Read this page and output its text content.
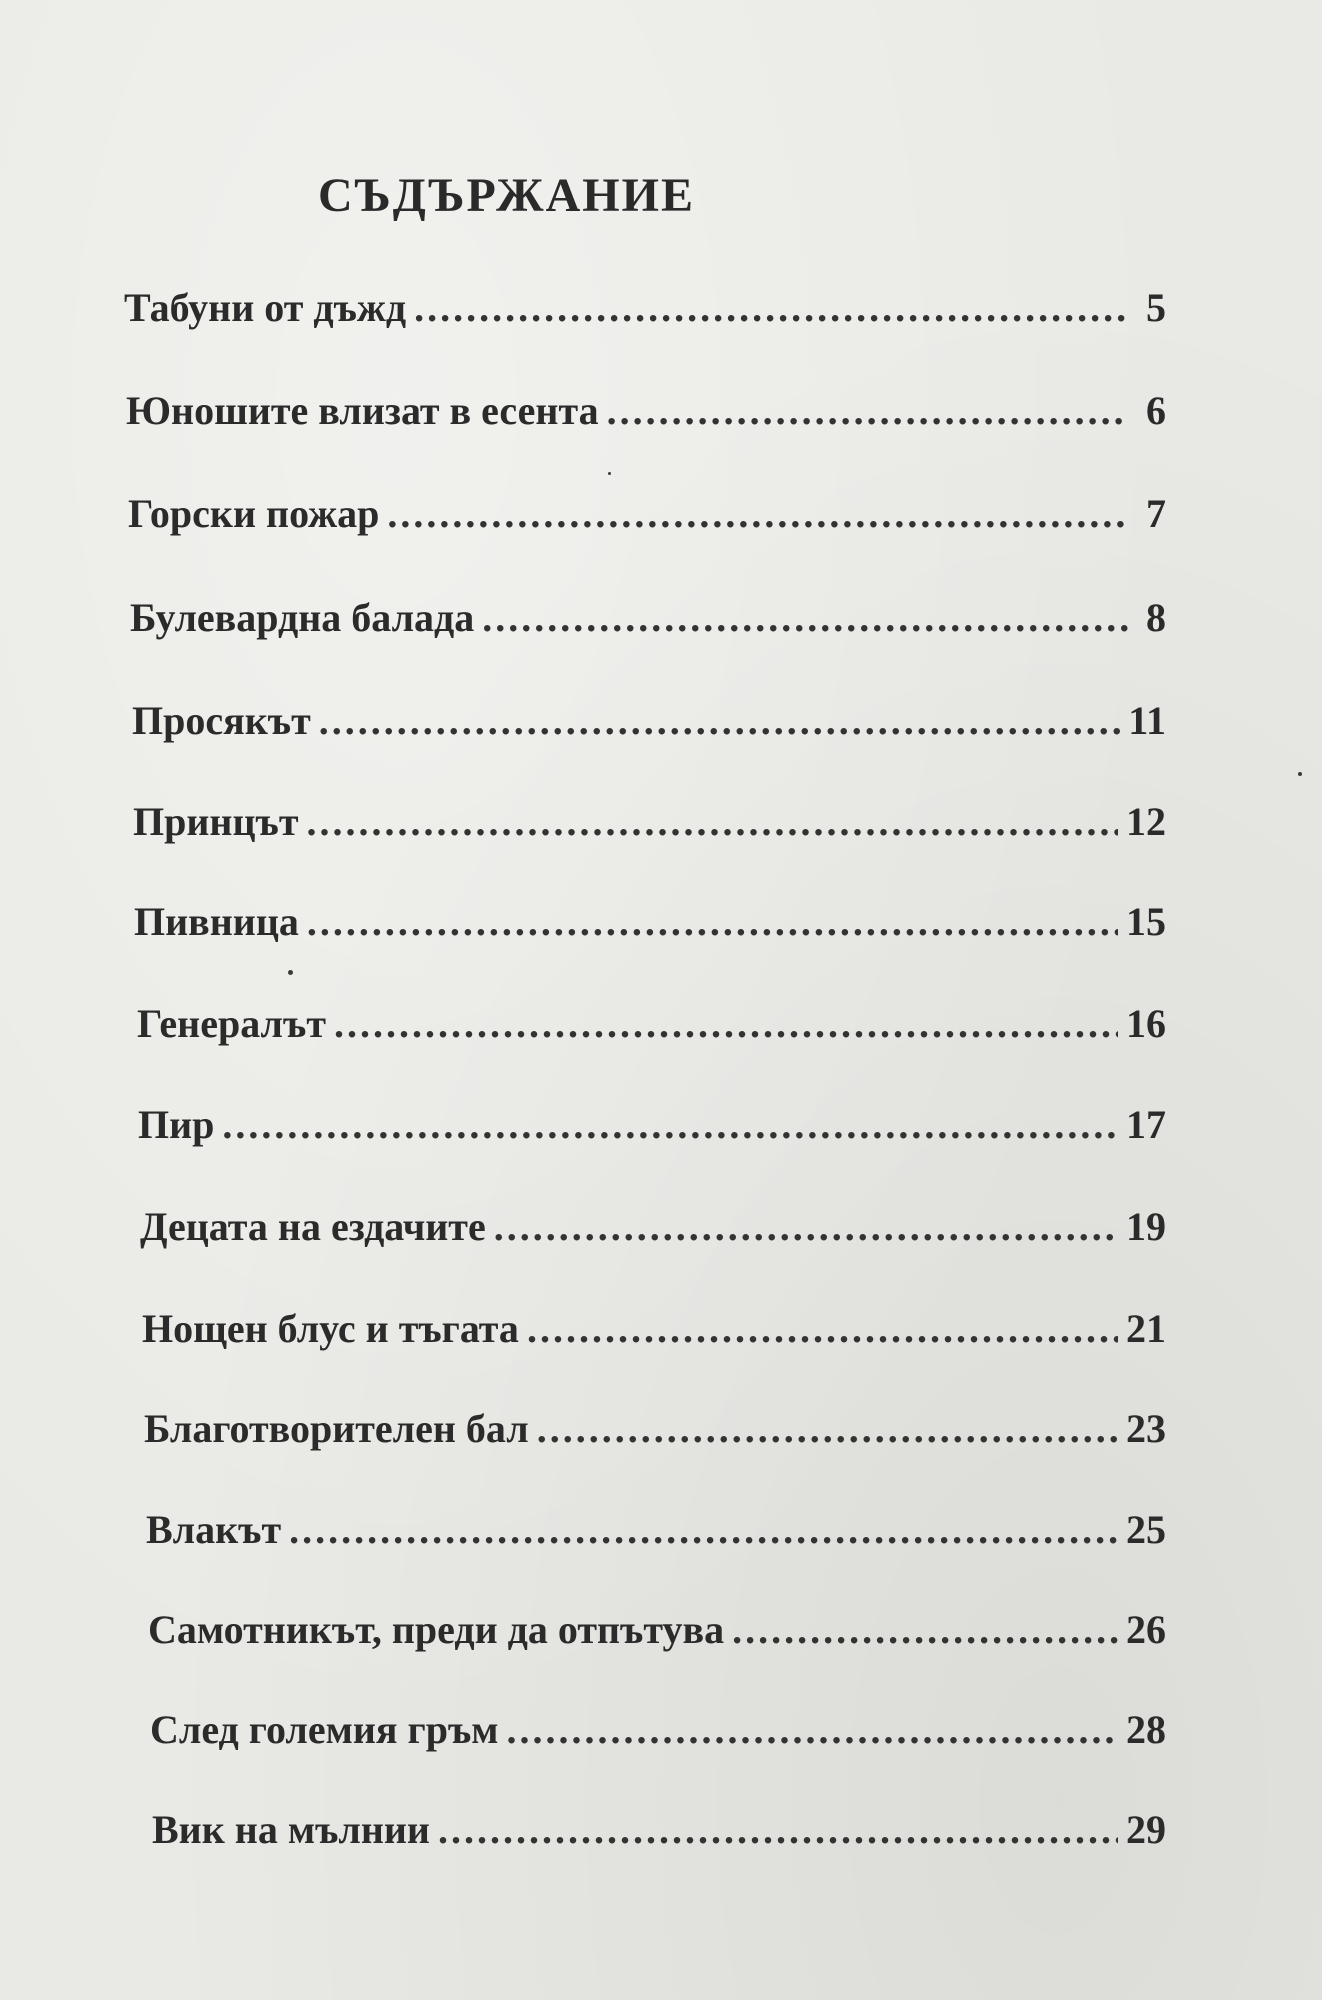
СЪДЪРЖАНИЕ
Табуни от дъжд .....	5
Юношите влизат в есента .....	6
Горски пожар .....	7
Булевардна балада .....	8
Просякът .....	11
Принцът .....	12
Пивница .....	15
Генералът .....	16
Пир .....	17
Децата на ездачите .....	19
Нощен блус и тъгата .....	21
Благотворителен бал .....	23
Влакът .....	25
Самотникът, преди да отпътува .....	26
След големия гръм .....	28
Вик на мълнии .....	29
